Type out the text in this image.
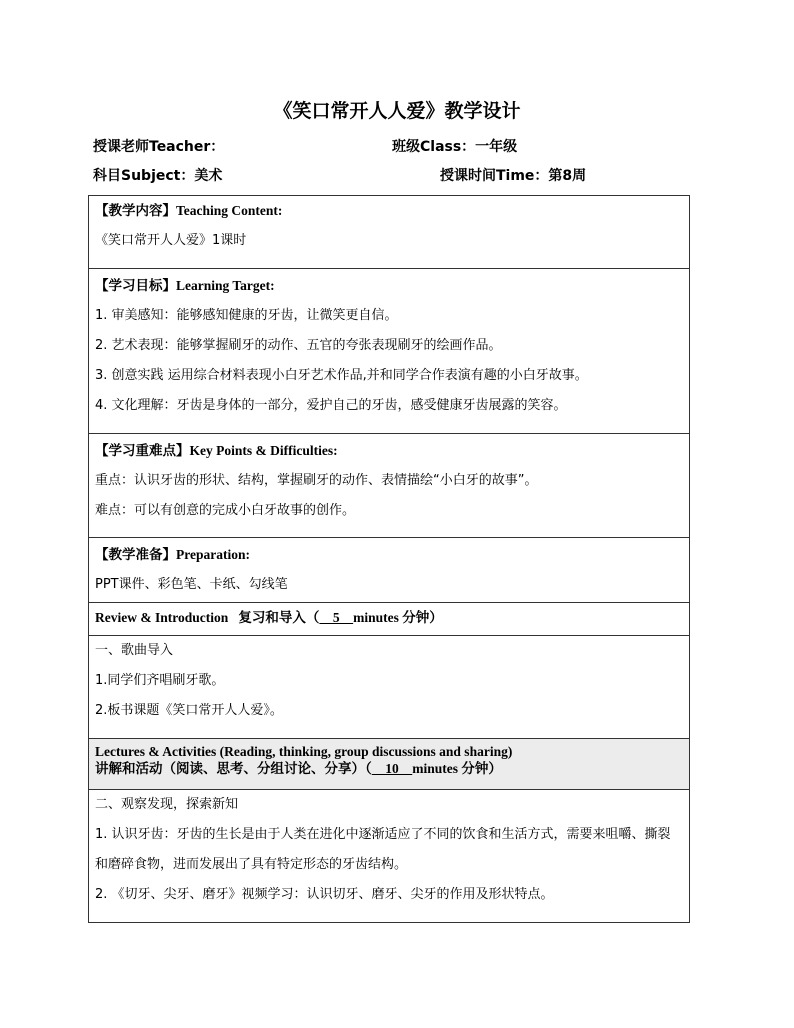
《笑口常开人人爱》教学设计
授课老师Teacher：	班级Class：一年级
科目Subject：美术	授课时间Time：第8周
【教学内容】Teaching Content:
《笑口常开人人爱》1课时

【学习目标】Learning Target:
1. 审美感知：能够感知健康的牙齿，让微笑更自信。
2. 艺术表现：能够掌握刷牙的动作、五官的夸张表现刷牙的绘画作品。
3. 创意实践 运用综合材料表现小白牙艺术作品,并和同学合作表演有趣的小白牙故事。
4. 文化理解：牙齿是身体的一部分，爱护自己的牙齿，感受健康牙齿展露的笑容。

【学习重难点】Key Points & Difficulties:
重点：认识牙齿的形状、结构，掌握刷牙的动作、表情描绘“小白牙的故事”。
难点：可以有创意的完成小白牙故事的创作。

【教学准备】Preparation:
PPT课件、彩色笔、卡纸、勾线笔

Review & Introduction   复习和导入（    5    minutes 分钟）

一、歌曲导入
1.同学们齐唱刷牙歌。
2.板书课题《笑口常开人人爱》。

Lectures & Activities (Reading, thinking, group discussions and sharing)
讲解和活动（阅读、思考、分组讨论、分享）（    10    minutes 分钟）

二、观察发现，探索新知
1. 认识牙齿：牙齿的生长是由于人类在进化中逐渐适应了不同的饮食和生活方式，需要来咀嚼、撕裂和磨碎食物，进而发展出了具有特定形态的牙齿结构。
2. 《切牙、尖牙、磨牙》视频学习：认识切牙、磨牙、尖牙的作用及形状特点。
